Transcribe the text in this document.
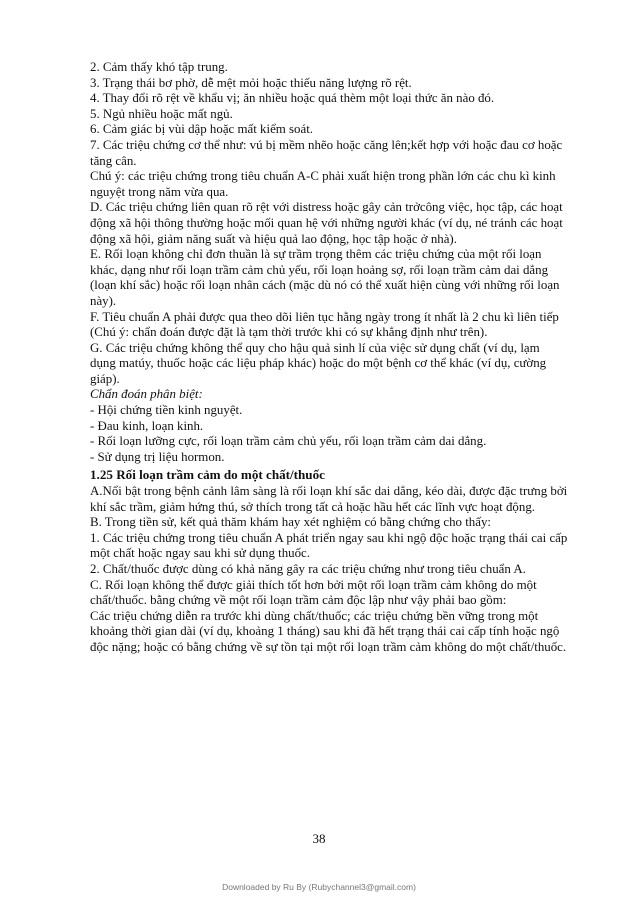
2. Cảm thấy khó tập trung.

3. Trạng thái bơ phờ, dễ mệt mỏi hoặc thiếu năng lượng rõ rệt.

4. Thay đổi rõ rệt về khẩu vị; ăn nhiều hoặc quá thèm một loại thức ăn nào đó.

5. Ngủ nhiều hoặc mất ngủ.

6. Cảm giác bị vùi dập hoặc mất kiểm soát.

7. Các triệu chứng cơ thể như: vú bị mềm nhẽo hoặc căng lên;kết hợp với hoặc đau cơ hoặc tăng cân.

Chú ý: các triệu chứng trong tiêu chuẩn A-C phải xuất hiện trong phần lớn các chu kì kinh nguyệt trong năm vừa qua.

D. Các triệu chứng liên quan rõ rệt với distress hoặc gây cản trởcông việc, học tập, các hoạt động xã hội thông thường hoặc mối quan hệ với những người khác (ví dụ, né tránh các hoạt động xã hội, giảm năng suất và hiệu quả lao động, học tập hoặc ở nhà).

E. Rối loạn không chỉ đơn thuần là sự trầm trọng thêm các triệu chứng của một rối loạn khác, dạng như rối loạn trầm cảm chủ yếu, rối loạn hoảng sợ, rối loạn trầm cảm dai dẳng (loạn khí sắc) hoặc rối loạn nhân cách (mặc dù nó có thể xuất hiện cùng với những rối loạn này).

F. Tiêu chuẩn A phải được qua theo dõi liên tục hằng ngày trong ít nhất là 2 chu kì liên tiếp (Chú ý: chẩn đoán được đặt là tạm thời trước khi có sự khẳng định như trên).

G. Các triệu chứng không thể quy cho hậu quả sinh lí của việc sử dụng chất (ví dụ, lạm dụng matúy, thuốc hoặc các liệu pháp khác) hoặc do một bệnh cơ thể khác (ví dụ, cường giáp).

Chẩn đoán phân biệt:

- Hội chứng tiền kinh nguyệt.

- Đau kinh, loạn kinh.

- Rối loạn lưỡng cực, rối loạn trầm cảm chủ yếu, rối loạn trầm cảm dai dẳng.

- Sử dụng trị liệu hormon.

1.25 Rối loạn trầm cảm do một chất/thuốc

A.Nổi bật trong bệnh cảnh lâm sàng là rối loạn khí sắc dai dẳng, kéo dài, được đặc trưng bởi khí sắc trầm, giảm hứng thú, sở thích trong tất cả hoặc hầu hết các lĩnh vực hoạt động.

B. Trong tiền sử, kết quả thăm khám hay xét nghiệm có bằng chứng cho thấy:

1. Các triệu chứng trong tiêu chuẩn A phát triển ngay sau khi ngộ độc hoặc trạng thái cai cấp một chất hoặc ngay sau khi sử dụng thuốc.

2. Chất/thuốc được dùng có khả năng gây ra các triệu chứng như trong tiêu chuẩn A.

C. Rối loạn không thể được giải thích tốt hơn bởi một rối loạn trầm cảm không do một chất/thuốc. bằng chứng về một rối loạn trầm cảm độc lập như vậy phải bao gồm:

Các triệu chứng diễn ra trước khi dùng chất/thuốc; các triệu chứng bền vững trong một khoảng thời gian dài (ví dụ, khoảng 1 tháng) sau khi đã hết trạng thái cai cấp tính hoặc ngộ độc nặng; hoặc có bằng chứng về sự tồn tại một rối loạn trầm cảm không do một chất/thuốc.

38
Downloaded by Ru By (Rubychannel3@gmail.com)
